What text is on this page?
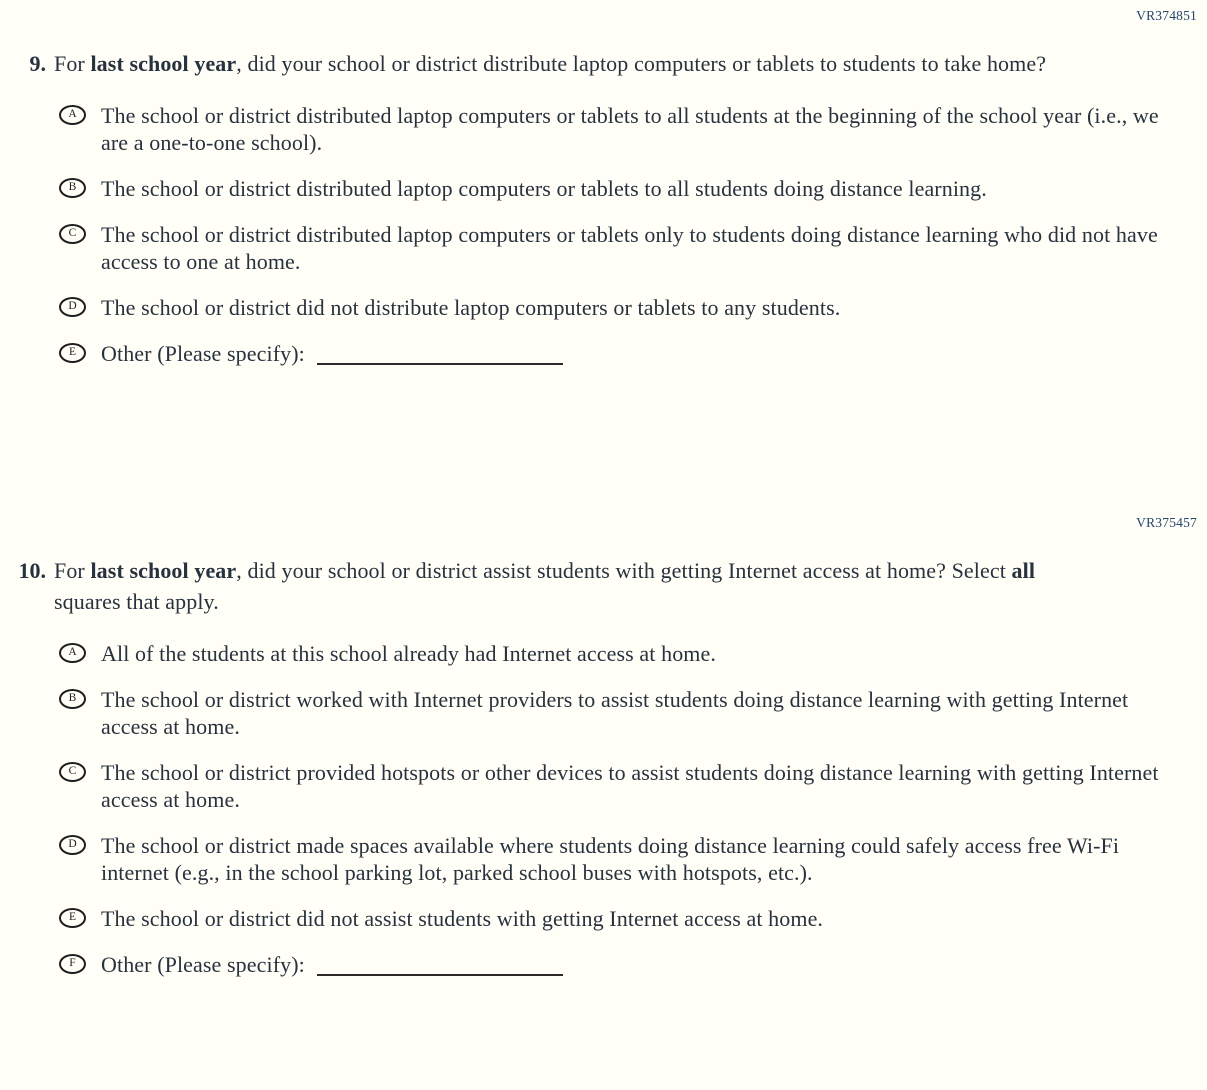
VR374851
9. For last school year, did your school or district distribute laptop computers or tablets to students to take home?

A The school or district distributed laptop computers or tablets to all students at the beginning of the school year (i.e., we are a one-to-one school).
B The school or district distributed laptop computers or tablets to all students doing distance learning.
C The school or district distributed laptop computers or tablets only to students doing distance learning who did not have access to one at home.
D The school or district did not distribute laptop computers or tablets to any students.
E Other (Please specify):
VR375457
10. For last school year, did your school or district assist students with getting Internet access at home? Select all squares that apply.

A All of the students at this school already had Internet access at home.
B The school or district worked with Internet providers to assist students doing distance learning with getting Internet access at home.
C The school or district provided hotspots or other devices to assist students doing distance learning with getting Internet access at home.
D The school or district made spaces available where students doing distance learning could safely access free Wi-Fi internet (e.g., in the school parking lot, parked school buses with hotspots, etc.).
E The school or district did not assist students with getting Internet access at home.
F Other (Please specify):
